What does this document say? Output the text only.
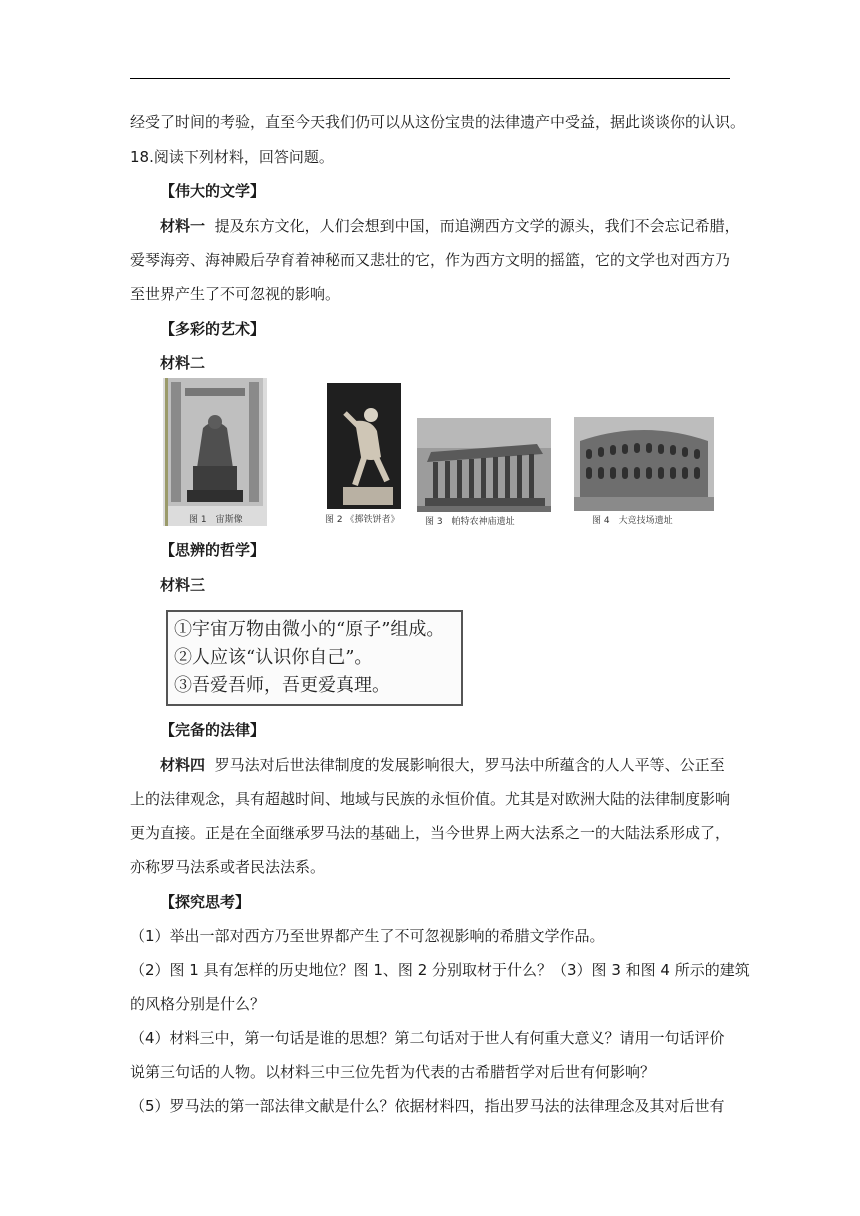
经受了时间的考验，直至今天我们仍可以从这份宝贵的法律遗产中受益，据此谈谈你的认识。
18.阅读下列材料，回答问题。
【伟大的文学】
材料一 提及东方文化，人们会想到中国，而追溯西方文学的源头，我们不会忘记希腊，
爱琴海旁、海神殿后孕育着神秘而又悲壮的它，作为西方文明的摇篮，它的文学也对西方乃
至世界产生了不可忽视的影响。
【多彩的艺术】
材料二
图 1　宙斯像	图 2 《掷铁饼者》	图 3　帕特农神庙遗址	图 4　大竞技场遗址
【思辨的哲学】
材料三
①宇宙万物由微小的“原子”组成。
②人应该“认识你自己”。
③吾爱吾师，吾更爱真理。
【完备的法律】
材料四 罗马法对后世法律制度的发展影响很大，罗马法中所蕴含的人人平等、公正至
上的法律观念，具有超越时间、地域与民族的永恒价值。尤其是对欧洲大陆的法律制度影响
更为直接。正是在全面继承罗马法的基础上，当今世界上两大法系之一的大陆法系形成了，
亦称罗马法系或者民法法系。
【探究思考】
（1）举出一部对西方乃至世界都产生了不可忽视影响的希腊文学作品。
（2）图 1 具有怎样的历史地位？图 1、图 2 分别取材于什么？（3）图 3 和图 4 所示的建筑
的风格分别是什么？
（4）材料三中，第一句话是谁的思想？第二句话对于世人有何重大意义？请用一句话评价
说第三句话的人物。以材料三中三位先哲为代表的古希腊哲学对后世有何影响？
（5）罗马法的第一部法律文献是什么？依据材料四，指出罗马法的法律理念及其对后世有
